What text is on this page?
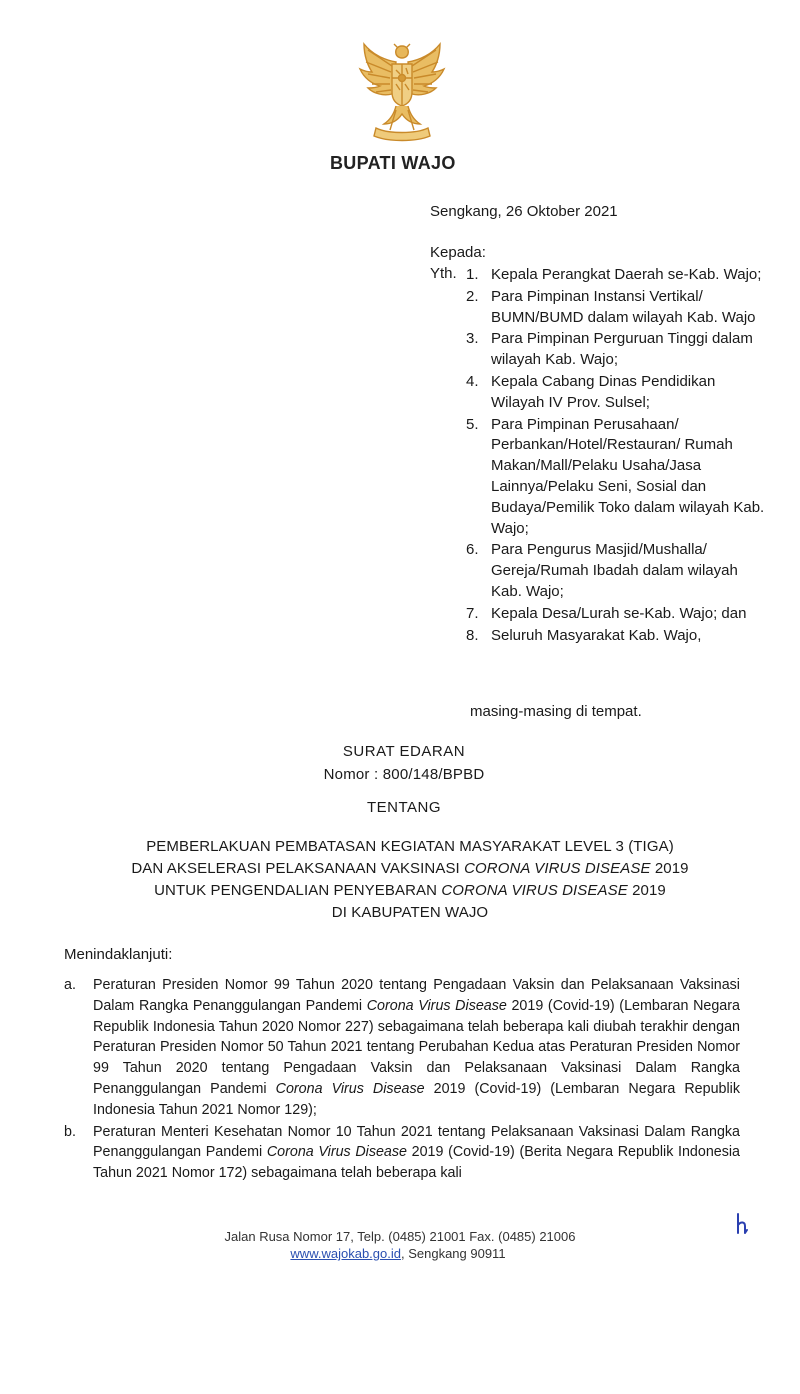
BUPATI WAJO
Sengkang, 26 Oktober 2021
Kepada:
Yth. 1. Kepala Perangkat Daerah se-Kab. Wajo;
2. Para Pimpinan Instansi Vertikal/ BUMN/BUMD dalam wilayah Kab. Wajo
3. Para Pimpinan Perguruan Tinggi dalam wilayah Kab. Wajo;
4. Kepala Cabang Dinas Pendidikan Wilayah IV Prov. Sulsel;
5. Para Pimpinan Perusahaan/ Perbankan/Hotel/Restauran/ Rumah Makan/Mall/Pelaku Usaha/Jasa Lainnya/Pelaku Seni, Sosial dan Budaya/Pemilik Toko dalam wilayah Kab. Wajo;
6. Para Pengurus Masjid/Mushalla/ Gereja/Rumah Ibadah dalam wilayah Kab. Wajo;
7. Kepala Desa/Lurah se-Kab. Wajo; dan
8. Seluruh Masyarakat Kab. Wajo,
masing-masing di tempat.
SURAT EDARAN
Nomor : 800/148/BPBD
TENTANG
PEMBERLAKUAN PEMBATASAN KEGIATAN MASYARAKAT LEVEL 3 (TIGA)
DAN AKSELERASI PELAKSANAAN VAKSINASI CORONA VIRUS DISEASE 2019
UNTUK PENGENDALIAN PENYEBARAN CORONA VIRUS DISEASE 2019
DI KABUPATEN WAJO
Menindaklanjuti:
a.	Peraturan Presiden Nomor 99 Tahun 2020 tentang Pengadaan Vaksin dan Pelaksanaan Vaksinasi Dalam Rangka Penanggulangan Pandemi Corona Virus Disease 2019 (Covid-19) (Lembaran Negara Republik Indonesia Tahun 2020 Nomor 227) sebagaimana telah beberapa kali diubah terakhir dengan Peraturan Presiden Nomor 50 Tahun 2021 tentang Perubahan Kedua atas Peraturan Presiden Nomor 99 Tahun 2020 tentang Pengadaan Vaksin dan Pelaksanaan Vaksinasi Dalam Rangka Penanggulangan Pandemi Corona Virus Disease 2019 (Covid-19) (Lembaran Negara Republik Indonesia Tahun 2021 Nomor 129);
b.	Peraturan Menteri Kesehatan Nomor 10 Tahun 2021 tentang Pelaksanaan Vaksinasi Dalam Rangka Penanggulangan Pandemi Corona Virus Disease 2019 (Covid-19) (Berita Negara Republik Indonesia Tahun 2021 Nomor 172) sebagaimana telah beberapa kali
Jalan Rusa Nomor 17, Telp. (0485) 21001 Fax. (0485) 21006
www.wajokab.go.id, Sengkang 90911
